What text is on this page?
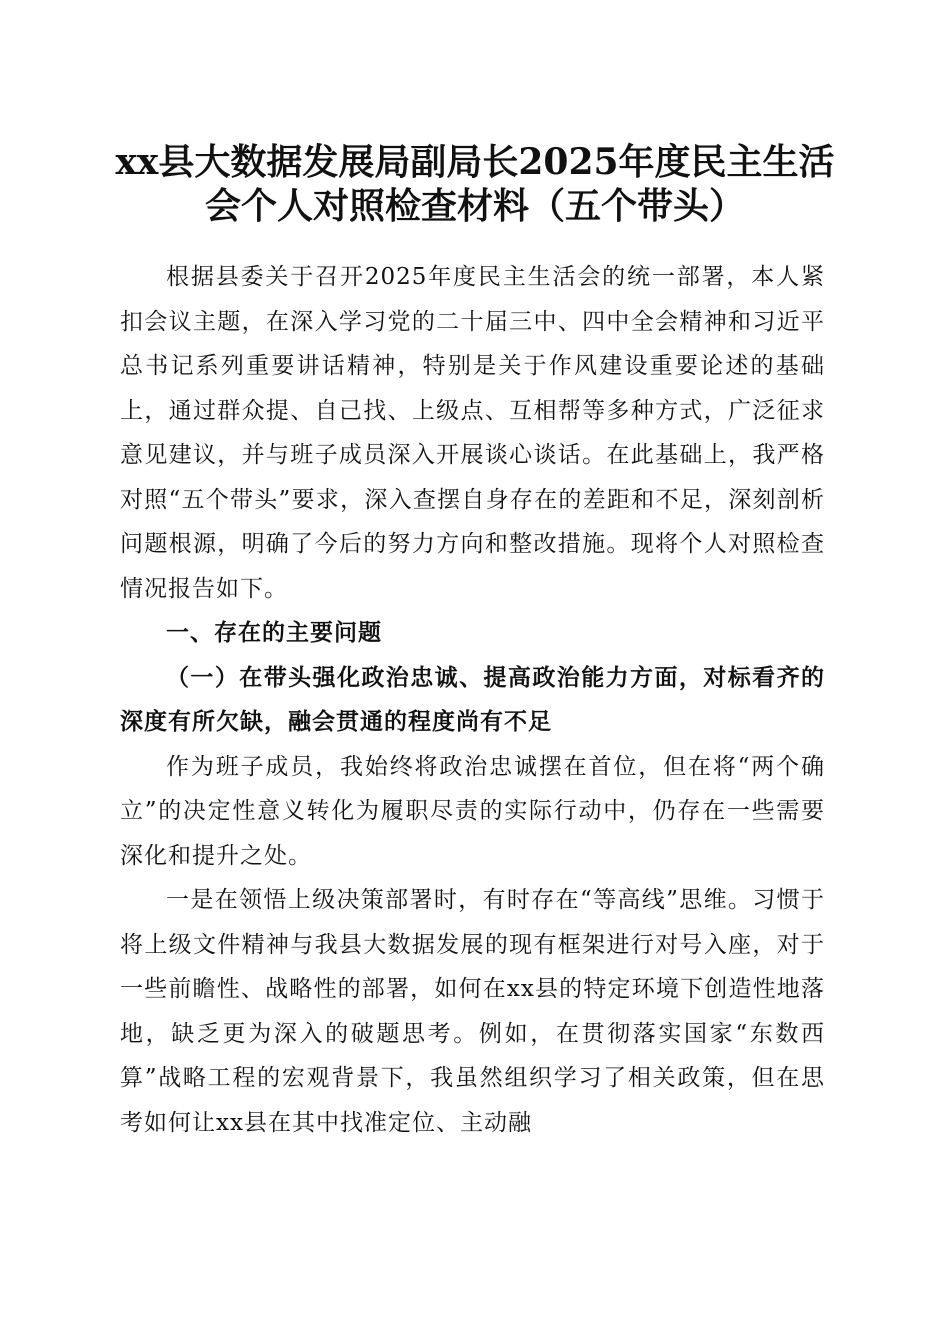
xx县大数据发展局副局长2025年度民主生活
会个人对照检查材料（五个带头）

根据县委关于召开2025年度民主生活会的统一部署，本人紧扣会议主题，在深入学习党的二十届三中、四中全会精神和习近平总书记系列重要讲话精神，特别是关于作风建设重要论述的基础上，通过群众提、自己找、上级点、互相帮等多种方式，广泛征求意见建议，并与班子成员深入开展谈心谈话。在此基础上，我严格对照“五个带头”要求，深入查摆自身存在的差距和不足，深刻剖析问题根源，明确了今后的努力方向和整改措施。现将个人对照检查情况报告如下。

一、存在的主要问题

（一）在带头强化政治忠诚、提高政治能力方面，对标看齐的深度有所欠缺，融会贯通的程度尚有不足

作为班子成员，我始终将政治忠诚摆在首位，但在将“两个确立”的决定性意义转化为履职尽责的实际行动中，仍存在一些需要深化和提升之处。

一是在领悟上级决策部署时，有时存在“等高线”思维。习惯于将上级文件精神与我县大数据发展的现有框架进行对号入座，对于一些前瞻性、战略性的部署，如何在xx县的特定环境下创造性地落地，缺乏更为深入的破题思考。例如，在贯彻落实国家“东数西算”战略工程的宏观背景下，我虽然组织学习了相关政策，但在思考如何让xx县在其中找准定位、主动融
